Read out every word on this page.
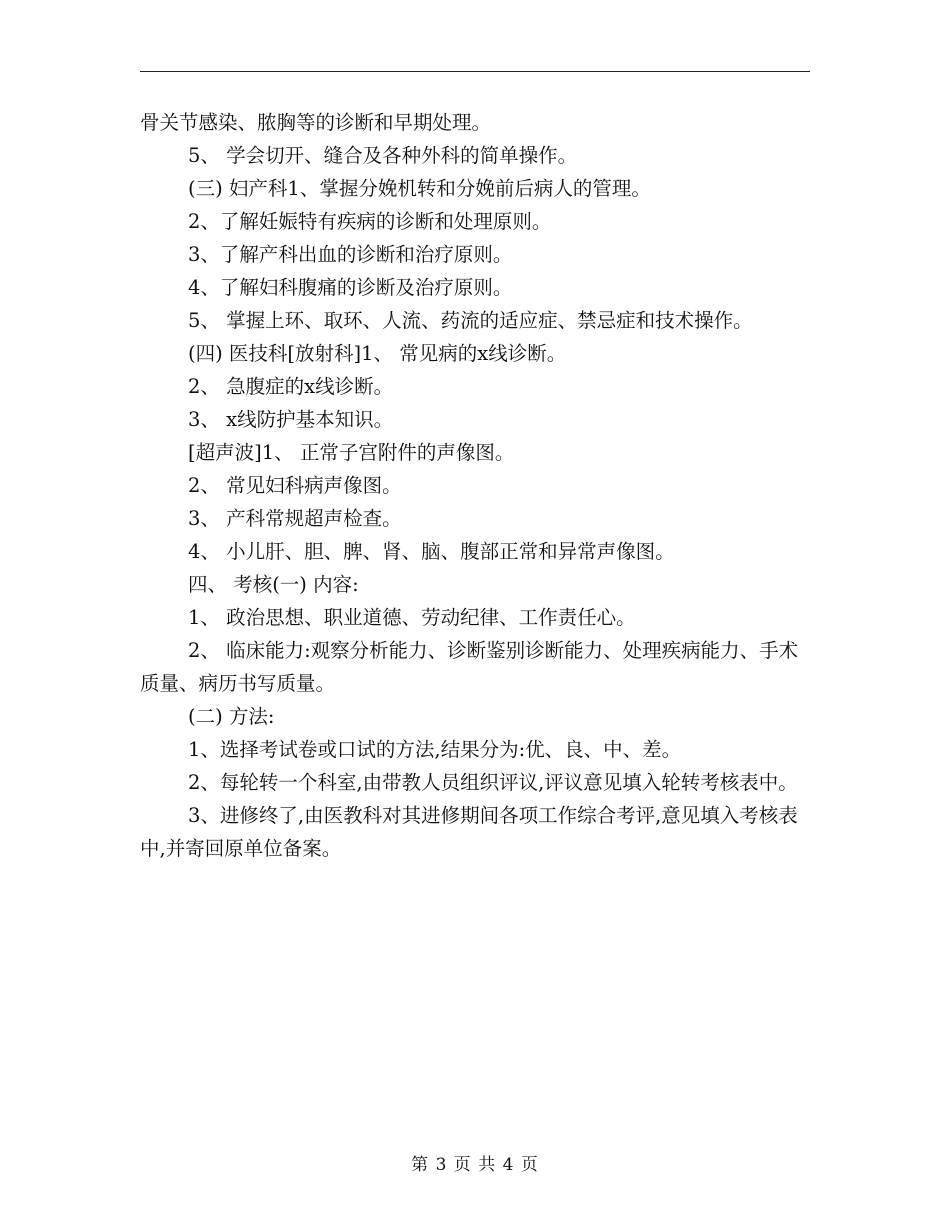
骨关节感染、脓胸等的诊断和早期处理。

5、 学会切开、缝合及各种外科的简单操作。

(三) 妇产科1、掌握分娩机转和分娩前后病人的管理。

2、了解妊娠特有疾病的诊断和处理原则。

3、了解产科出血的诊断和治疗原则。

4、了解妇科腹痛的诊断及治疗原则。

5、 掌握上环、取环、人流、药流的适应症、禁忌症和技术操作。

(四) 医技科[放射科]1、 常见病的x线诊断。

2、 急腹症的x线诊断。

3、 x线防护基本知识。

[超声波]1、 正常子宫附件的声像图。

2、 常见妇科病声像图。

3、 产科常规超声检查。

4、 小儿肝、胆、脾、肾、脑、腹部正常和异常声像图。

四、 考核(一) 内容:

1、 政治思想、职业道德、劳动纪律、工作责任心。

2、 临床能力:观察分析能力、诊断鉴别诊断能力、处理疾病能力、手术质量、病历书写质量。

(二) 方法:

1、选择考试卷或口试的方法,结果分为:优、良、中、差。

2、每轮转一个科室,由带教人员组织评议,评议意见填入轮转考核表中。

3、进修终了,由医教科对其进修期间各项工作综合考评,意见填入考核表中,并寄回原单位备案。

第 3 页 共 4 页
